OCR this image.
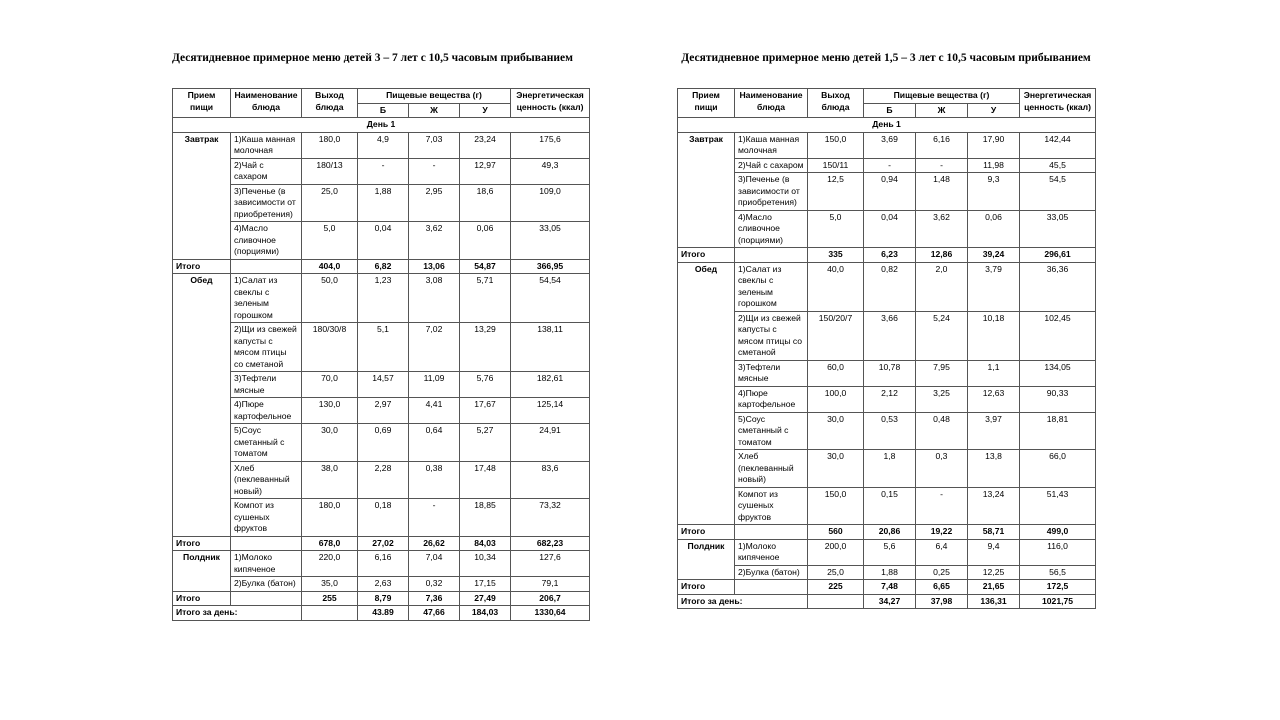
Десятидневное примерное меню детей 3 – 7 лет с 10,5 часовым прибыванием
Прием пищи	Наименование блюда	Выход блюда	Пищевые вещества (г)			Энергетическая ценность (ккал)
			Б	Ж	У	
День 1						
Завтрак	1)Каша манная молочная	180,0	4,9	7,03	23,24	175,6
	2)Чай с сахаром	180/13	-	-	12,97	49,3
	3)Печенье (в зависимости от приобретения)	25,0	1,88	2,95	18,6	109,0
	4)Масло сливочное (порциями)	5,0	0,04	3,62	0,06	33,05
Итого		404,0	6,82	13,06	54,87	366,95
Обед	1)Салат из свеклы с зеленым горошком	50,0	1,23	3,08	5,71	54,54
	2)Щи из свежей капусты с мясом птицы со сметаной	180/30/8	5,1	7,02	13,29	138,11
	3)Тефтели мясные	70,0	14,57	11,09	5,76	182,61
	4)Пюре картофельное	130,0	2,97	4,41	17,67	125,14
	5)Соус сметанный с томатом	30,0	0,69	0,64	5,27	24,91
	Хлеб (пеклеванный новый)	38,0	2,28	0,38	17,48	83,6
	Компот из сушеных фруктов	180,0	0,18	-	18,85	73,32
Итого		678,0	27,02	26,62	84,03	682,23
Полдник	1)Молоко кипяченое	220,0	6,16	7,04	10,34	127,6
	2)Булка (батон)	35,0	2,63	0,32	17,15	79,1
Итого		255	8,79	7,36	27,49	206,7
Итого за день:			43.89	47,66	184,03	1330,64
Десятидневное примерное меню детей 1,5 – 3 лет с 10,5 часовым прибыванием
Прием пищи	Наименование блюда	Выход блюда	Пищевые вещества (г)			Энергетическая ценность (ккал)
			Б	Ж	У	
День 1						
Завтрак	1)Каша манная молочная	150,0	3,69	6,16	17,90	142,44
	2)Чай с сахаром	150/11	-	-	11,98	45,5
	3)Печенье (в зависимости от приобретения)	12,5	0,94	1,48	9,3	54,5
	4)Масло сливочное (порциями)	5,0	0,04	3,62	0,06	33,05
Итого		335	6,23	12,86	39,24	296,61
Обед	1)Салат из свеклы с зеленым горошком	40,0	0,82	2,0	3,79	36,36
	2)Щи из свежей капусты с мясом птицы со сметаной	150/20/7	3,66	5,24	10,18	102,45
	3)Тефтели мясные	60,0	10,78	7,95	1,1	134,05
	4)Пюре картофельное	100,0	2,12	3,25	12,63	90,33
	5)Соус сметанный с томатом	30,0	0,53	0,48	3,97	18,81
	Хлеб (пеклеванный новый)	30,0	1,8	0,3	13,8	66,0
	Компот из сушеных фруктов	150,0	0,15	-	13,24	51,43
Итого		560	20,86	19,22	58,71	499,0
Полдник	1)Молоко кипяченое	200,0	5,6	6,4	9,4	116,0
	2)Булка (батон)	25,0	1,88	0,25	12,25	56,5
Итого		225	7,48	6,65	21,65	172,5
Итого за день:			34,27	37,98	136,31	1021,75
